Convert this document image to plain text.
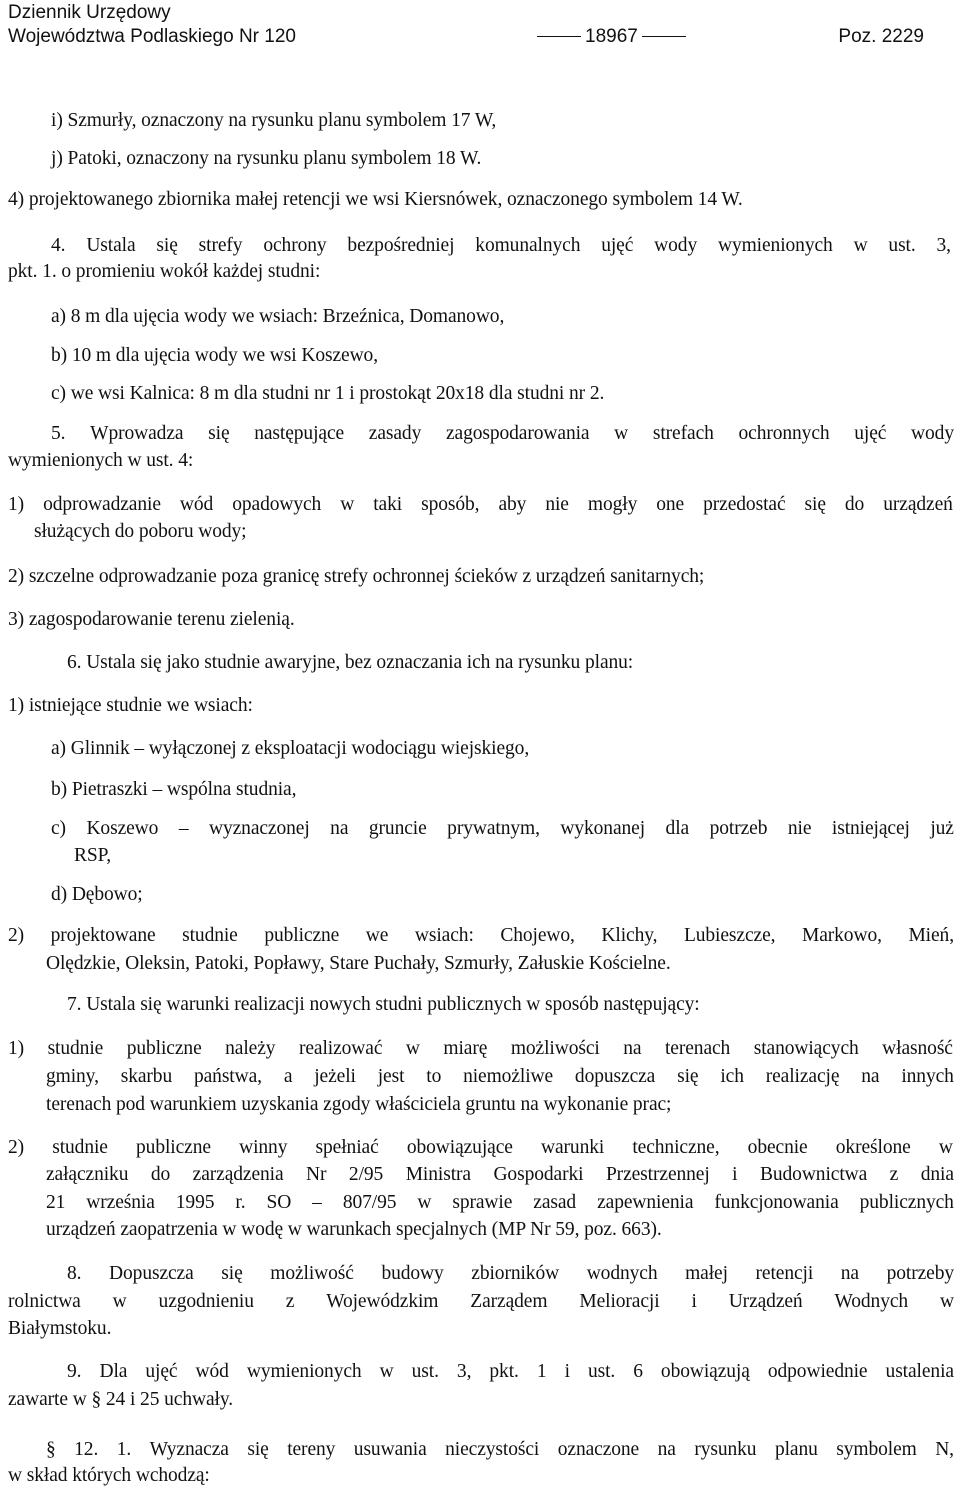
Dziennik Urzędowy
Województwa Podlaskiego Nr 120	18967	Poz. 2229
i) Szmurły, oznaczony na rysunku planu symbolem 17 W,
j) Patoki, oznaczony na rysunku planu symbolem 18 W.
4) projektowanego zbiornika małej retencji we wsi Kiersnówek, oznaczonego symbolem 14 W.
4. Ustala się strefy ochrony bezpośredniej komunalnych ujęć wody wymienionych w ust. 3,
pkt. 1. o promieniu wokół każdej studni:
a) 8 m dla ujęcia wody we wsiach: Brzeźnica, Domanowo,
b) 10 m dla ujęcia wody we wsi Koszewo,
c) we wsi Kalnica: 8 m dla studni nr 1 i prostokąt 20x18 dla studni nr 2.
5. Wprowadza się następujące zasady zagospodarowania w strefach ochronnych ujęć wody
wymienionych w ust. 4:
1) odprowadzanie wód opadowych w taki sposób, aby nie mogły one przedostać się do urządzeń
służących do poboru wody;
2) szczelne odprowadzanie poza granicę strefy ochronnej ścieków z urządzeń sanitarnych;
3) zagospodarowanie terenu zielenią.
6. Ustala się jako studnie awaryjne, bez oznaczania ich na rysunku planu:
1) istniejące studnie we wsiach:
a) Glinnik – wyłączonej z eksploatacji wodociągu wiejskiego,
b) Pietraszki – wspólna studnia,
c) Koszewo – wyznaczonej na gruncie prywatnym, wykonanej dla potrzeb nie istniejącej już
RSP,
d) Dębowo;
2) projektowane studnie publiczne we wsiach: Chojewo, Klichy, Lubieszcze, Markowo, Mień,
Olędzkie, Oleksin, Patoki, Popławy, Stare Puchały, Szmurły, Załuskie Kościelne.
7. Ustala się warunki realizacji nowych studni publicznych w sposób następujący:
1) studnie publiczne należy realizować w miarę możliwości na terenach stanowiących własność
gminy, skarbu państwa, a jeżeli jest to niemożliwe dopuszcza się ich realizację na innych
terenach pod warunkiem uzyskania zgody właściciela gruntu na wykonanie prac;
2) studnie publiczne winny spełniać obowiązujące warunki techniczne, obecnie określone w
załączniku do zarządzenia Nr 2/95 Ministra Gospodarki Przestrzennej i Budownictwa z dnia
21 września 1995 r. SO – 807/95 w sprawie zasad zapewnienia funkcjonowania publicznych
urządzeń zaopatrzenia w wodę w warunkach specjalnych (MP Nr 59, poz. 663).
8. Dopuszcza się możliwość budowy zbiorników wodnych małej retencji na potrzeby
rolnictwa w uzgodnieniu z Wojewódzkim Zarządem Melioracji i Urządzeń Wodnych w
Białymstoku.
9. Dla ujęć wód wymienionych w ust. 3, pkt. 1 i ust. 6 obowiązują odpowiednie ustalenia
zawarte w § 24 i 25 uchwały.
§ 12. 1. Wyznacza się tereny usuwania nieczystości oznaczone na rysunku planu symbolem N,
w skład których wchodzą:
